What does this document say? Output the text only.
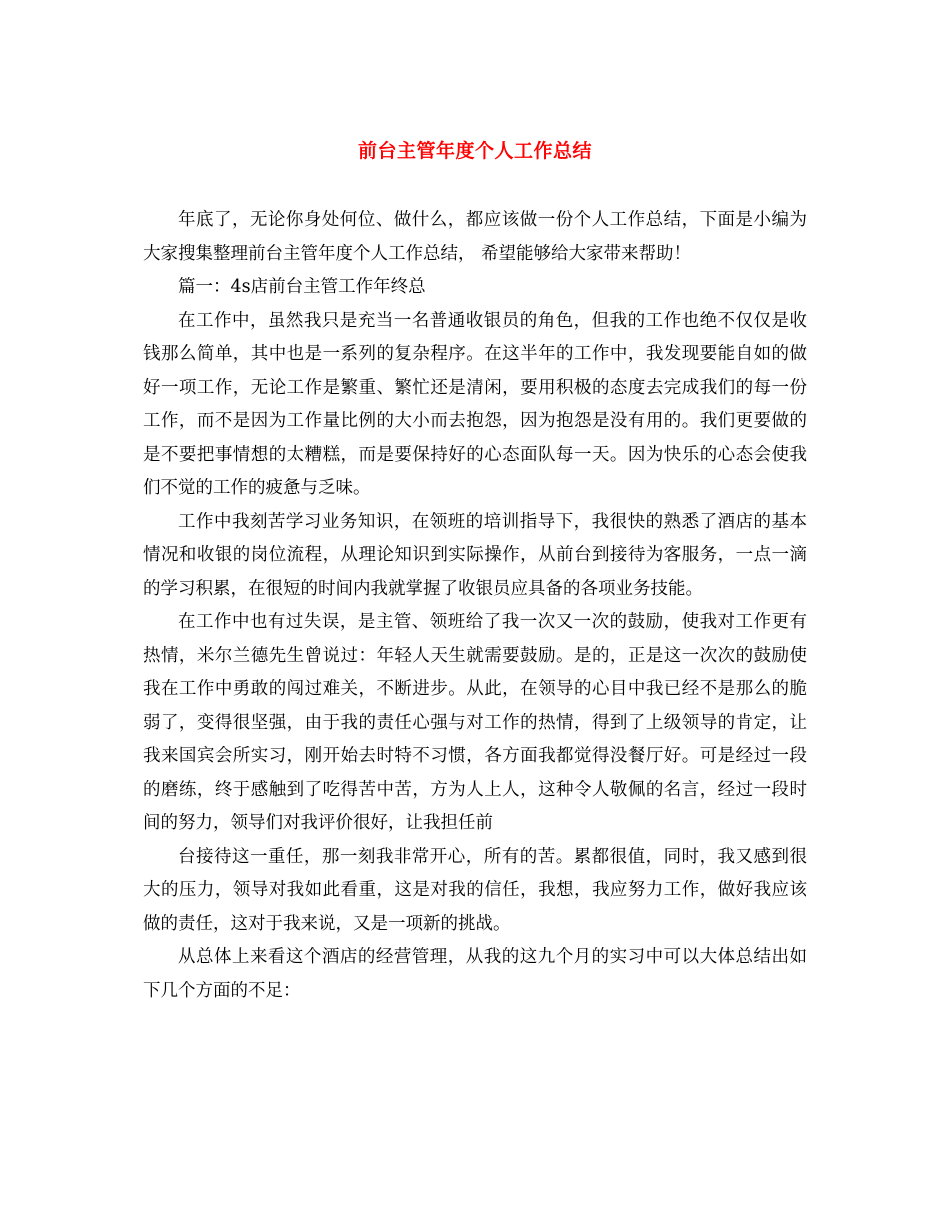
前台主管年度个人工作总结

年底了，无论你身处何位、做什么，都应该做一份个人工作总结，下面是小编为大家搜集整理前台主管年度个人工作总结， 希望能够给大家带来帮助！

篇一：4s店前台主管工作年终总

在工作中，虽然我只是充当一名普通收银员的角色，但我的工作也绝不仅仅是收钱那么简单，其中也是一系列的复杂程序。在这半年的工作中，我发现要能自如的做好一项工作，无论工作是繁重、繁忙还是清闲，要用积极的态度去完成我们的每一份工作，而不是因为工作量比例的大小而去抱怨，因为抱怨是没有用的。我们更要做的是不要把事情想的太糟糕，而是要保持好的心态面队每一天。因为快乐的心态会使我们不觉的工作的疲惫与乏味。

工作中我刻苦学习业务知识，在领班的培训指导下，我很快的熟悉了酒店的基本情况和收银的岗位流程，从理论知识到实际操作，从前台到接待为客服务，一点一滴的学习积累，在很短的时间内我就掌握了收银员应具备的各项业务技能。

在工作中也有过失误，是主管、领班给了我一次又一次的鼓励，使我对工作更有热情，米尔兰德先生曾说过：年轻人天生就需要鼓励。是的，正是这一次次的鼓励使我在工作中勇敢的闯过难关，不断进步。从此，在领导的心目中我已经不是那么的脆弱了，变得很坚强，由于我的责任心强与对工作的热情，得到了上级领导的肯定，让我来国宾会所实习，刚开始去时特不习惯，各方面我都觉得没餐厅好。可是经过一段的磨练，终于感触到了吃得苦中苦，方为人上人，这种令人敬佩的名言，经过一段时间的努力，领导们对我评价很好，让我担任前

台接待这一重任，那一刻我非常开心，所有的苦。累都很值，同时，我又感到很大的压力，领导对我如此看重，这是对我的信任，我想，我应努力工作，做好我应该做的责任，这对于我来说，又是一项新的挑战。

从总体上来看这个酒店的经营管理，从我的这九个月的实习中可以大体总结出如下几个方面的不足：
